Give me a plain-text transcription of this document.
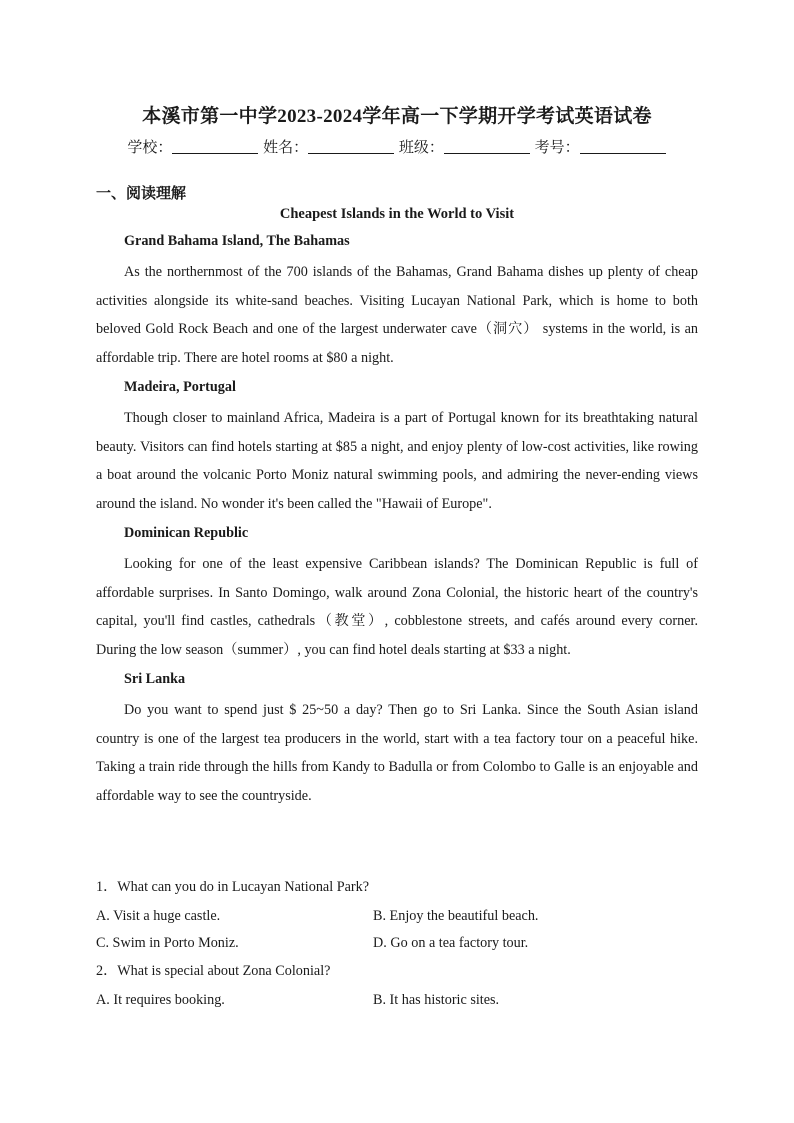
本溪市第一中学2023-2024学年高一下学期开学考试英语试卷
学校：	姓名：	班级：	考号：
一、阅读理解
Cheapest Islands in the World to Visit

Grand Bahama Island, The Bahamas

As the northernmost of the 700 islands of the Bahamas, Grand Bahama dishes up plenty of cheap activities alongside its white-sand beaches. Visiting Lucayan National Park, which is home to both beloved Gold Rock Beach and one of the largest underwater cave（洞穴） systems in the world, is an affordable trip. There are hotel rooms at $80 a night.

Madeira, Portugal

Though closer to mainland Africa, Madeira is a part of Portugal known for its breathtaking natural beauty. Visitors can find hotels starting at $85 a night, and enjoy plenty of low-cost activities, like rowing a boat around the volcanic Porto Moniz natural swimming pools, and admiring the never-ending views around the island. No wonder it's been called the "Hawaii of Europe".

Dominican Republic

Looking for one of the least expensive Caribbean islands? The Dominican Republic is full of affordable surprises. In Santo Domingo, walk around Zona Colonial, the historic heart of the country's capital, you'll find castles, cathedrals（教堂）, cobblestone streets, and cafés around every corner. During the low season（summer）, you can find hotel deals starting at $33 a night.

Sri Lanka

Do you want to spend just $ 25~50 a day? Then go to Sri Lanka. Since the South Asian island country is one of the largest tea producers in the world, start with a tea factory tour on a peaceful hike. Taking a train ride through the hills from Kandy to Badulla or from Colombo to Galle is an enjoyable and affordable way to see the countryside.

1．What can you do in Lucayan National Park?

A. Visit a huge castle.	B. Enjoy the beautiful beach.
C. Swim in Porto Moniz.	D. Go on a tea factory tour.

2．What is special about Zona Colonial?

A. It requires booking.	B. It has historic sites.
